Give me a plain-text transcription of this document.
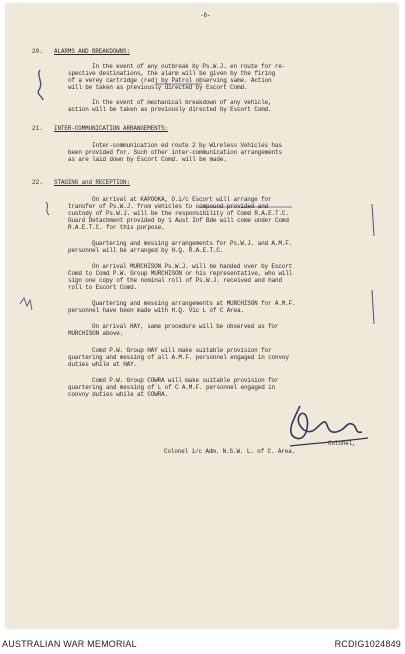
-6-
20. ALARMS AND BREAKDOWNS:
In the event of any outbreak by Ps.W.J. en route for re-
spective destinations, the alarm will be given by the firing
of a verey cartridge (red) by Patrol observing same. Action
will be taken as previously directed by Escort Comd.
In the event of mechanical breakdown of any vehicle,
action will be taken as previously directed by Escort Comd.
21. INTER-COMMUNICATION ARRANGEMENTS:
Inter-communication ed route 2 by Wireless Vehicles has
been provided for. Such other inter-communication arrangements
as are laid down by Escort Comd. will be made.
22. STAGING and RECEPTION:
On arrival at KAPOOKA, O.i/c Escort will arrange for
transfer of Ps.W.J. from vehicles to compound provided and
custody of Ps.W.J. will be the responsibility of Comd R.A.E.T.C.
Guard Detachment provided by 1 Aust Inf Bde will come under Comd
R.A.E.T.C. for this purpose.
Quartering and messing arrangements for Ps.W.J. and A.M.F.
personnel will be arranged by H.Q. R.A.E.T.C.
On arrival MURCHISON Ps.W.J. will be handed over by Escort
Comd to Comd P.W. Group MURCHISON or his representative, who will
sign one copy of the nominal roll of Ps.W.J. received and hand
roll to Escort Comd.
Quartering and messing arrangements at MURCHISON for A.M.F.
personnel have been made with H.Q. Vic L of C Area.
On arrival HAY, same procedure will be observed as for
MURCHISON above.
Comd P.W. Group HAY will make suitable provision for
quartering and messing of all A.M.F. personnel engaged in convoy
duties while at HAY.
Comd P.W. Group COWRA will make suitable provision for
quartering and messing of L of C A.M.F. personnel engaged in
convoy duties while at COWRA.
Colonel,
Colonel i/c Adm. N.S.W. L. of C. Area.
AUSTRALIAN WAR MEMORIAL	RCDIG1024849
